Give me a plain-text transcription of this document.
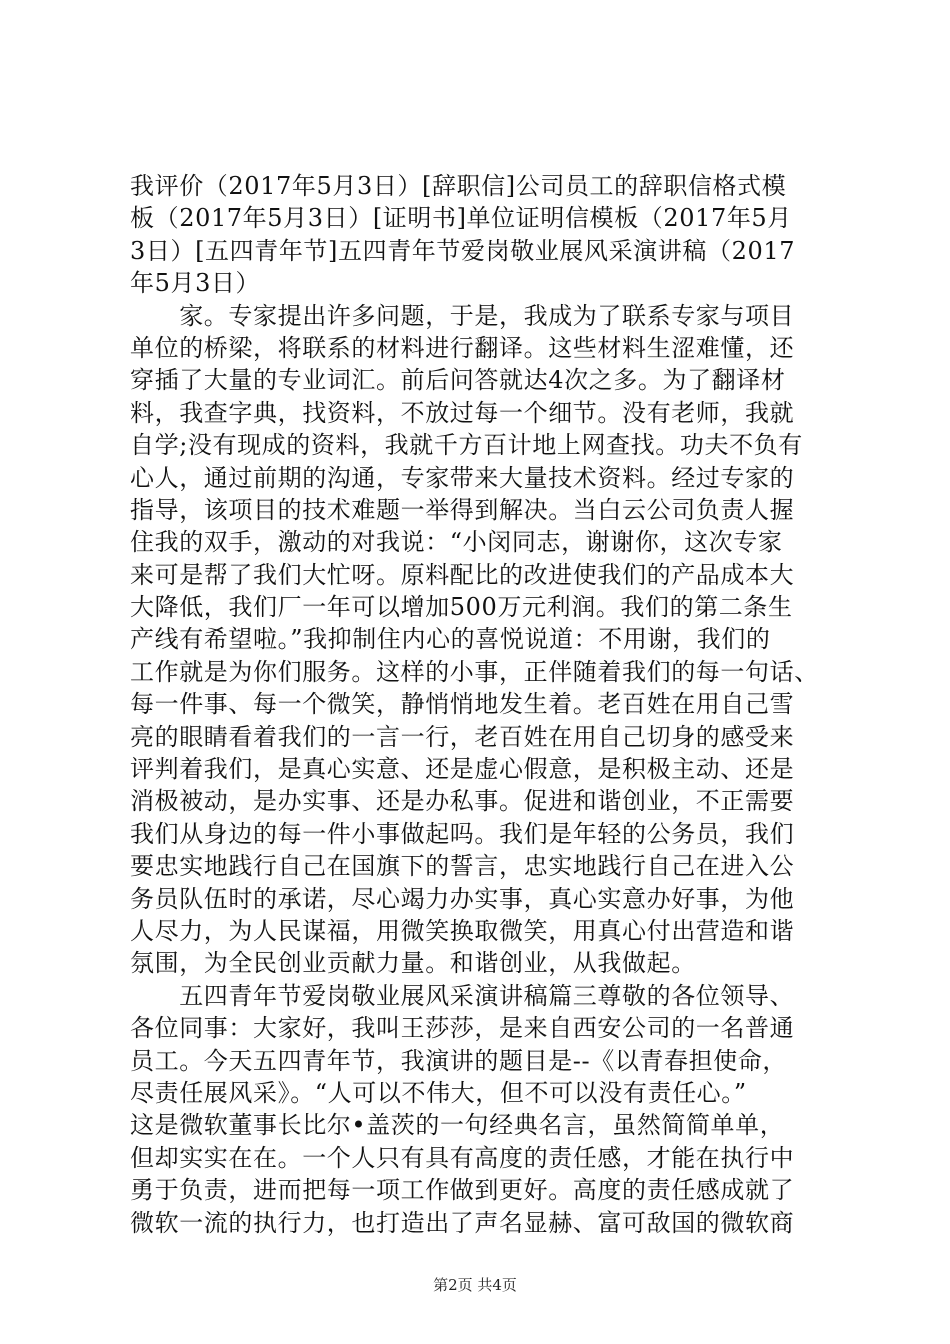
我评价（2017年5月3日）[辞职信]公司员工的辞职信格式模
板（2017年5月3日）[证明书]单位证明信模板（2017年5月
3日）[五四青年节]五四青年节爱岗敬业展风采演讲稿（2017
年5月3日）
　　家。专家提出许多问题，于是，我成为了联系专家与项目
单位的桥梁，将联系的材料进行翻译。这些材料生涩难懂，还
穿插了大量的专业词汇。前后问答就达4次之多。为了翻译材
料，我查字典，找资料，不放过每一个细节。没有老师，我就
自学;没有现成的资料，我就千方百计地上网查找。功夫不负有
心人，通过前期的沟通，专家带来大量技术资料。经过专家的
指导，该项目的技术难题一举得到解决。当白云公司负责人握
住我的双手，激动的对我说：“小闵同志，谢谢你，这次专家
来可是帮了我们大忙呀。原料配比的改进使我们的产品成本大
大降低，我们厂一年可以增加500万元利润。我们的第二条生
产线有希望啦。”我抑制住内心的喜悦说道：不用谢，我们的
工作就是为你们服务。这样的小事，正伴随着我们的每一句话、
每一件事、每一个微笑，静悄悄地发生着。老百姓在用自己雪
亮的眼睛看着我们的一言一行，老百姓在用自己切身的感受来
评判着我们，是真心实意、还是虚心假意，是积极主动、还是
消极被动，是办实事、还是办私事。促进和谐创业，不正需要
我们从身边的每一件小事做起吗。我们是年轻的公务员，我们
要忠实地践行自己在国旗下的誓言，忠实地践行自己在进入公
务员队伍时的承诺，尽心竭力办实事，真心实意办好事，为他
人尽力，为人民谋福，用微笑换取微笑，用真心付出营造和谐
氛围，为全民创业贡献力量。和谐创业，从我做起。
　　五四青年节爱岗敬业展风采演讲稿篇三尊敬的各位领导、
各位同事：大家好，我叫王莎莎，是来自西安公司的一名普通
员工。今天五四青年节，我演讲的题目是--《以青春担使命，
尽责任展风采》。“人可以不伟大，但不可以没有责任心。”
这是微软董事长比尔•盖茨的一句经典名言，虽然简简单单，
但却实实在在。一个人只有具有高度的责任感，才能在执行中
勇于负责，进而把每一项工作做到更好。高度的责任感成就了
微软一流的执行力，也打造出了声名显赫、富可敌国的微软商
第2页 共4页
